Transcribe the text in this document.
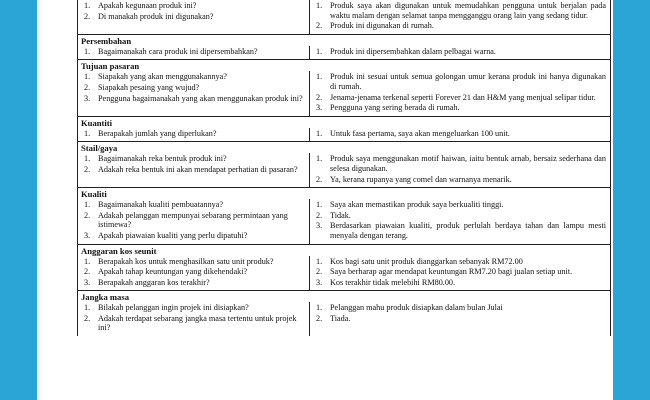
1. Apakah kegunaan produk ini?
2. Di manakah produk ini digunakan?
1. Produk saya akan digunakan untuk memudahkan pengguna untuk berjalan pada waktu malam dengan selamat tanpa mengganggu orang lain yang sedang tidur.
2. Produk ini digunakan di rumah.
Persembahan
1. Bagaimanakah cara produk ini dipersembahkan?	1. Produk ini dipersembahkan dalam pelbagai warna.
Tujuan pasaran
1. Siapakah yang akan menggunakannya?
2. Siapakah pesaing yang wujud?
3. Pengguna bagaimanakah yang akan menggunakan produk ini?
1. Produk ini sesuai untuk semua golongan umur kerana produk ini hanya digunakan di rumah.
2. Jenama-jenama terkenal seperti Forever 21 dan H&M yang menjual selipar tidur.
3. Pengguna yang sering berada di rumah.
Kuantiti
1. Berapakah jumlah yang diperlukan?	1. Untuk fasa pertama, saya akan mengeluarkan 100 unit.
Stail/gaya
1. Bagaimanakah reka bentuk produk ini?
2. Adakah reka bentuk ini akan mendapat perhatian di pasaran?
1. Produk saya menggunakan motif haiwan, iaitu bentuk arnab, bersaiz sederhana dan selesa digunakan.
2. Ya, kerana rupanya yang comel dan warnanya menarik.
Kualiti
1. Bagaimanakah kualiti pembuatannya?
2. Adakah pelanggan mempunyai sebarang permintaan yang istimewa?
3. Apakah piawaian kualiti yang perlu dipatuhi?
1. Saya akan memastikan produk saya berkualiti tinggi.
2. Tidak.
3. Berdasarkan piawaian kualiti, produk perlulah berdaya tahan dan lampu mesti menyala dengan terang.
Anggaran kos seunit
1. Berapakah kos untuk menghasilkan satu unit produk?
2. Apakah tahap keuntungan yang dikehendaki?
3. Berapakah anggaran kos terakhir?
1. Kos bagi satu unit produk dianggarkan sebanyak RM72.00
2. Saya berharap agar mendapat keuntungan RM7.20 bagi jualan setiap unit.
3. Kos terakhir tidak melebihi RM80.00.
Jangka masa
1. Bilakah pelanggan ingin projek ini disiapkan?
2. Adakah terdapat sebarang jangka masa tertentu untuk projek ini?
1. Pelanggan mahu produk disiapkan dalam bulan Julai
2. Tiada.
